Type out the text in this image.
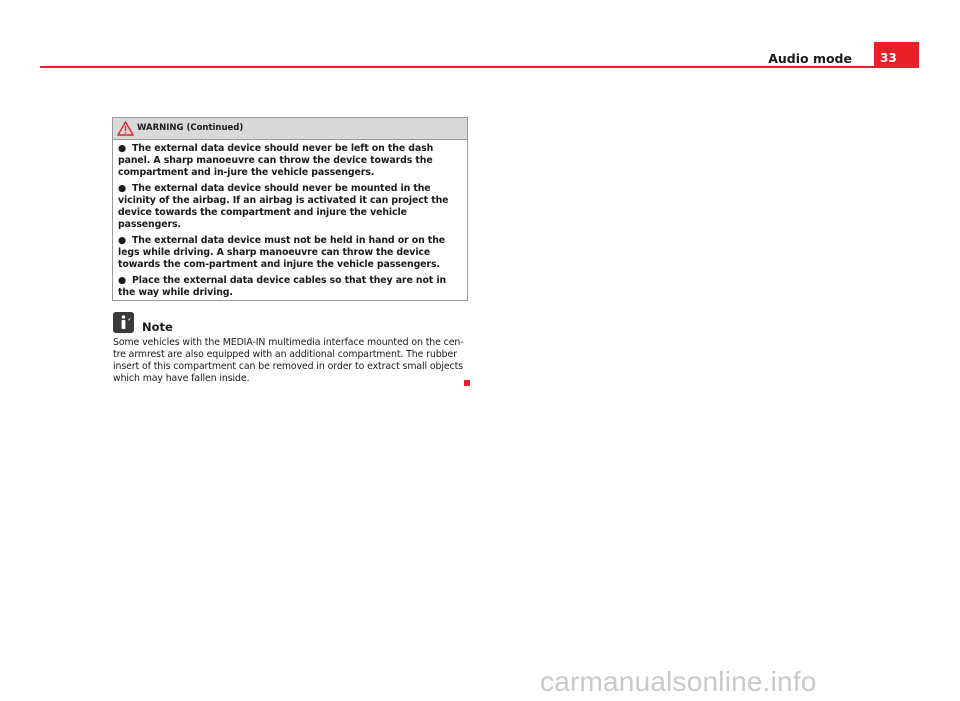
Audio mode	33
WARNING (Continued)

● The external data device should never be left on the dash panel. A sharp manoeuvre can throw the device towards the compartment and in-jure the vehicle passengers.

● The external data device should never be mounted in the vicinity of the airbag. If an airbag is activated it can project the device towards the compartment and injure the vehicle passengers.

● The external data device must not be held in hand or on the legs while driving. A sharp manoeuvre can throw the device towards the com-partment and injure the vehicle passengers.

● Place the external data device cables so that they are not in the way while driving.

Note

Some vehicles with the MEDIA-IN multimedia interface mounted on the cen-tre armrest are also equipped with an additional compartment. The rubber insert of this compartment can be removed in order to extract small objects which may have fallen inside.

carmanualsonline.info
